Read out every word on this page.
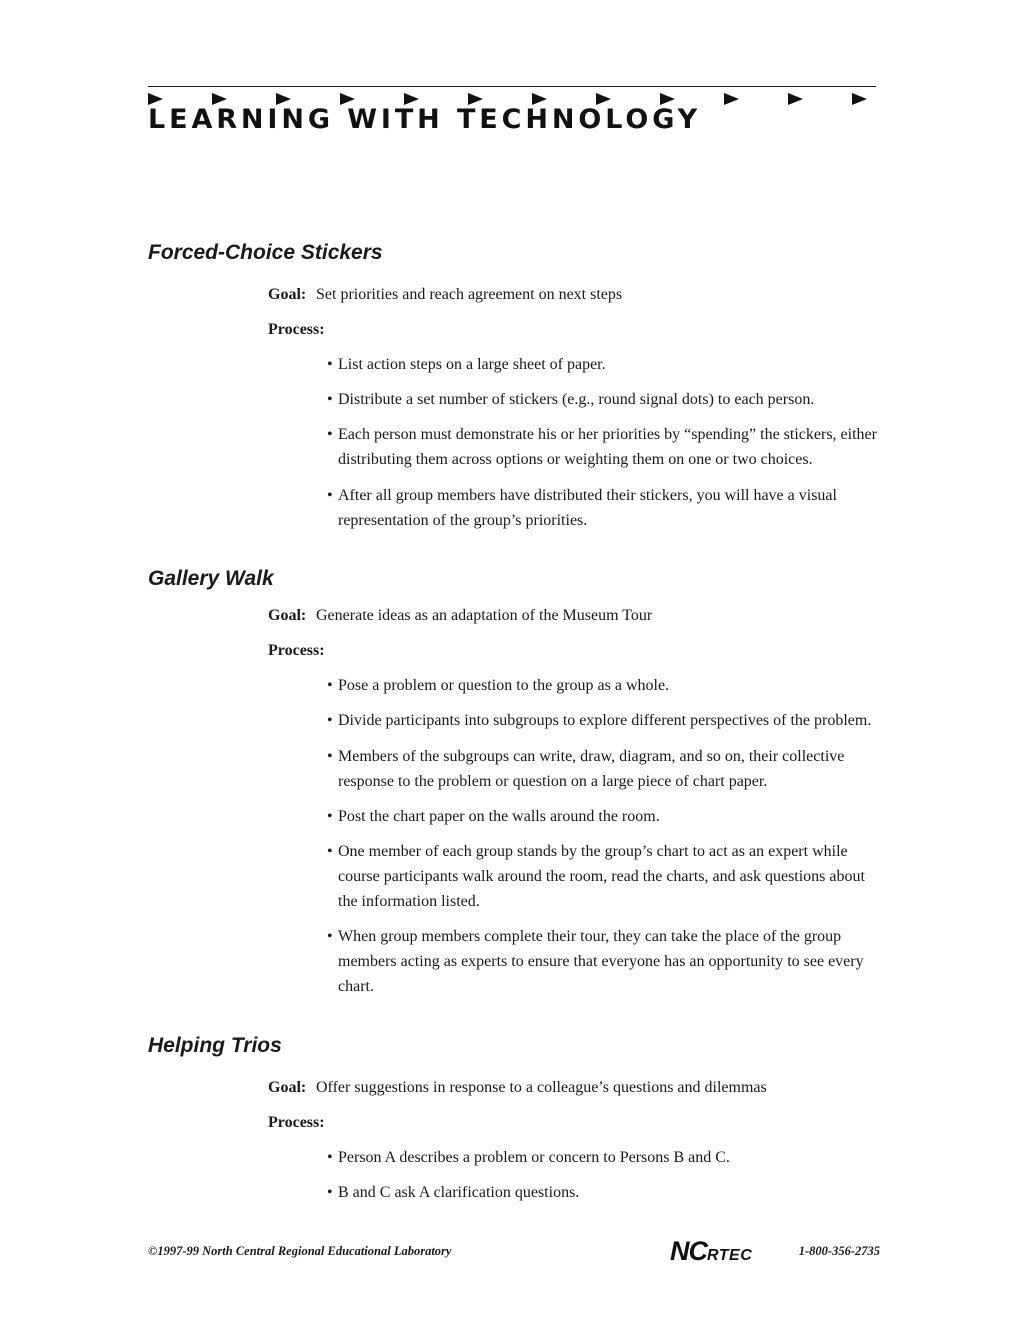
LEARNING WITH TECHNOLOGY
Forced-Choice Stickers
Goal: Set priorities and reach agreement on next steps
Process:
• List action steps on a large sheet of paper.
• Distribute a set number of stickers (e.g., round signal dots) to each person.
• Each person must demonstrate his or her priorities by “spending” the stickers, either distributing them across options or weighting them on one or two choices.
• After all group members have distributed their stickers, you will have a visual representation of the group’s priorities.
Gallery Walk
Goal: Generate ideas as an adaptation of the Museum Tour
Process:
• Pose a problem or question to the group as a whole.
• Divide participants into subgroups to explore different perspectives of the problem.
• Members of the subgroups can write, draw, diagram, and so on, their collective response to the problem or question on a large piece of chart paper.
• Post the chart paper on the walls around the room.
• One member of each group stands by the group’s chart to act as an expert while course participants walk around the room, read the charts, and ask questions about the information listed.
• When group members complete their tour, they can take the place of the group members acting as experts to ensure that everyone has an opportunity to see every chart.
Helping Trios
Goal: Offer suggestions in response to a colleague’s questions and dilemmas
Process:
• Person A describes a problem or concern to Persons B and C.
• B and C ask A clarification questions.
©1997-99 North Central Regional Educational Laboratory	NCRTEC	1-800-356-2735
